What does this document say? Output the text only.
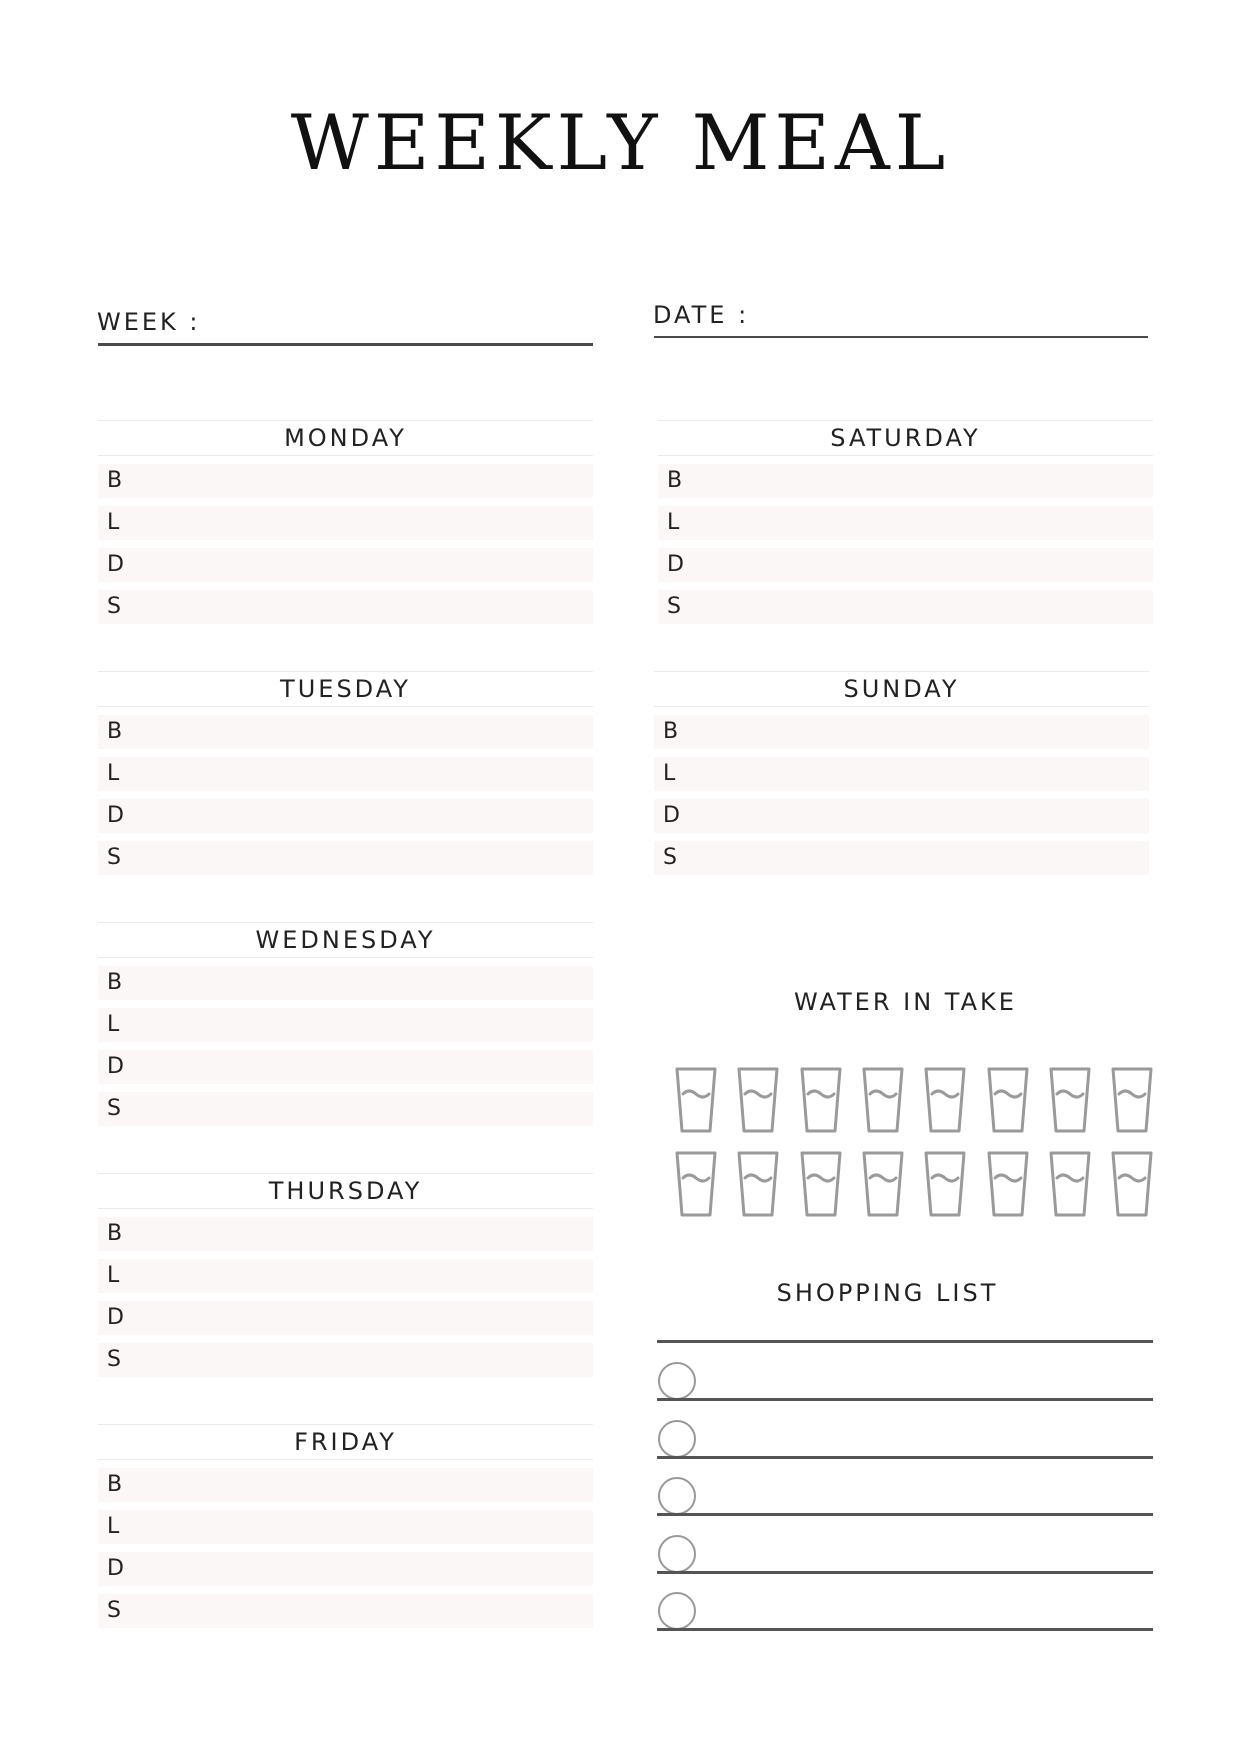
WEEKLY MEAL
WEEK :	DATE :
MONDAY
B
L
D
S
TUESDAY
B
L
D
S
WEDNESDAY
B
L
D
S
THURSDAY
B
L
D
S
FRIDAY
B
L
D
S
SATURDAY
B
L
D
S
SUNDAY
B
L
D
S
WATER IN TAKE
SHOPPING LIST
